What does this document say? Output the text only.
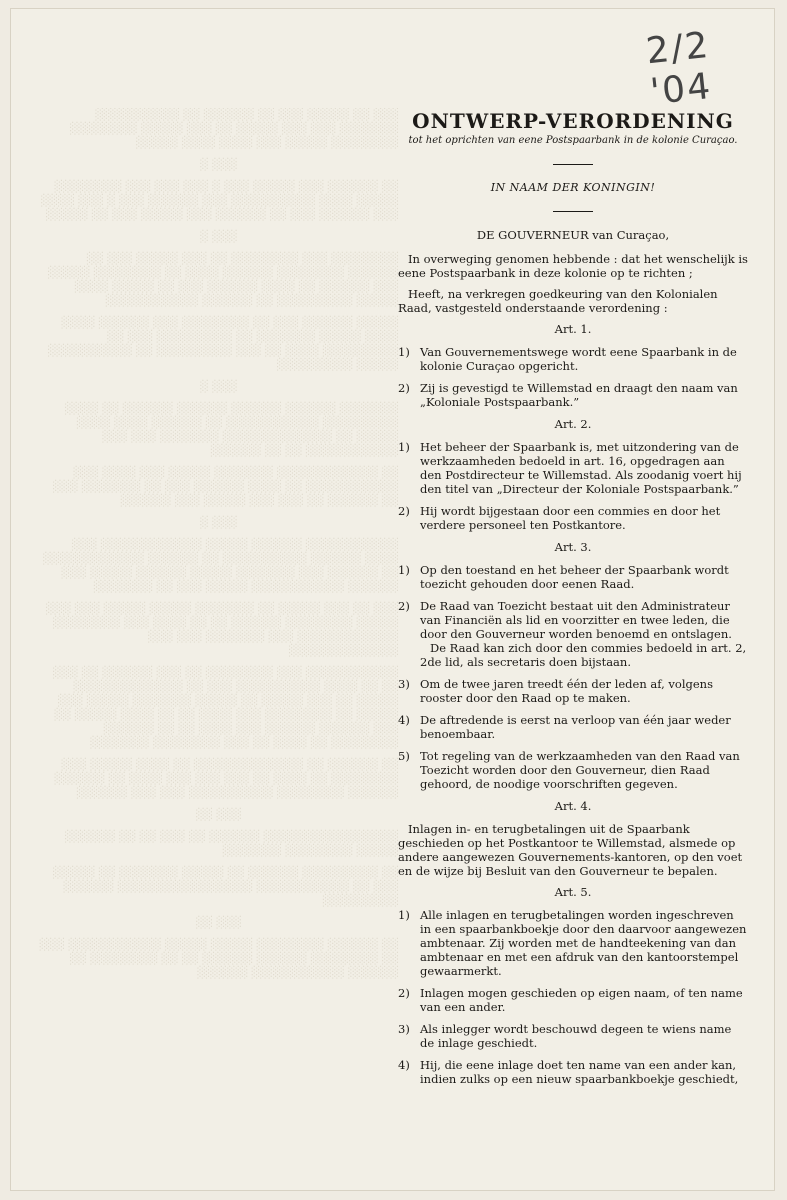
░░░ ░░ ░░░░░ ░░░ ░░ ░░░░░░ ░░ ░░░░░░░░░░ ░░░░░░░ ░░░ ░░░ ░░░░░ ░░ ░░░ ░░░░░ ░░░░░░░░ ░░░░░░░░ ░░░░░ ░░░ ░░░░ ░░░░ ░░░░░

░░░ ░

░░ ░░░░░░ ░░░ ░░░░░ ░░░ ░ ░░░ ░░░ ░░░ ░░░░░░░░ ░░░░░ ░░░░ ░░░░░░░░░░ ░░░ ░░░░░░ ░░░ ░ ░░░ ░░░░ ░░░ ░░░░░░ ░░░ ░░ ░░░░░░ ░░░ ░░░░░ ░░░ ░░ ░░░░░

░░░ ░

░░░░░░░░ ░░░ ░░░░░░░░ ░░ ░░░ ░░░░░ ░░░ ░░ ░░░░░░ ░░░░░░░░ ░░░░░░ ░░░░ ░░ ░░░░░░░░ ░░░░░ ░░░ ░░░░░░ ░░ ░░░░ ░░░░░░ ░░░ ░░ ░░░░░ ░░░░ ░░░░░ ░░░░░░░░░ ░░ ░░░░░░ ░░░░░░░░░░░

░░░░░ ░░░░░░ ░░░ ░░ ░░░░░░░░ ░░░ ░░░░░░ ░░░░ ░░░░ ░░░░░ ░░░░░░░ ░░ ░░░░░░░░░ ░░░ ░░ ░░░░░░░░░ ░░░░ ░░ ░░░ ░░░░░░░░░ ░░ ░░░░░░░░░░ ░░░░░ ░░░░░░░░░

░░░ ░

░░░░░░░ ░░░░░░ ░░░░░░ ░░░░░░ ░░░░░░ ░░ ░░░░ ░░░░░░░░░ ░░░░░░░░░░░ ░░ ░░░░░░ ░░░░ ░░░░ ░░░░░ ░░ ░░░░░░░░░░░░░ ░░░░░░░ ░░░ ░░░ ░░░░░░░░░░░ ░░ ░░ ░░░░░░

░░ ░░░░░░░░░░░░ ░░░░░░░ ░░░░░ ░░░ ░░░░ ░░░ ░░░░░░░░░░░ ░░ ░░░░ ░░░░░░ ░░░ ░░ ░░░░░░░ ░░░ ░░ ░░░░░░ ░░ ░░░ ░░░ ░░░░░ ░░░ ░░░░░░

░░░ ░

░░░░░░░░░░░ ░░░░░░ ░░░░░ ░░░░░░░░░░░░ ░░░ ░░░░ ░░░░░░ ░░░░░░░░░░ ░░ ░░░░░░ ░░░░░░░░░░░░ ░░ ░░░░░░ ░░░ ░░░░░░░ ░░░░░ ░░░░░░ ░░░░░ ░░░ ░░░░░░ ░░░░░░░░░░░ ░░░░░ ░░░ ░░ ░░░░░░░

░░░ ░░ ░░░ ░░░░░ ░░ ░░░░░░░ ░░░░░ ░░░░░ ░░░ ░░░ ░░░░░ ░░░░░░░░ ░░░░░░ ░░ ░░ ░░░░ ░░░ ░░░░░░░░ ░░░░░░░░░░░░ ░░░ ░░░░░░░ ░░░ ░░░ ░░░░░░░░░░░░░

░░░░░░░░░░░ ░░░ ░░░░░░░░ ░░ ░░░ ░░░░░░ ░░ ░░░ ░░ ░░ ░░░░ ░░░░░░░░░░ ░░░ ░░ ░░░░░░░░░░░░░ ░░░░░ ░░ ░░░ ░░░░░ ░░ ░░░░░ ░░░░░░░ ░░░░░ ░░░ ░░░░░ ░░ ░░░░░░░░ ░░░ ░░░░ ░░ ░░ ░░░░ ░░░░░ ░░ ░░░ ░░░░░░ ░░░░░░ ░░░ ░░░░ ░░ ░░ ░░░░░░ ░░░░░░░░ ░░ ░░░░ ░░ ░░░ ░░░░░░░░ ░░░░░░░

░░ ░░░░░░ ░░ ░░░░░░░░░░░░░ ░░ ░░░░ ░░░░░ ░░░ ░░░░░░░░ ░░ ░░░░ ░░ ░░░ ░░░ ░░░ ░░░░ ░░ ░░░░░░ ░░░░░░ ░░░░░░░░ ░░░░░░░░░░ ░░░ ░░░ ░░░░░░

░░░ ░░

░░░░░░░░░░░░░░░░ ░░░░░░ ░░ ░░░ ░░ ░░ ░░░░░░ ░░░░░ ░░░░░░░░ ░░░░░░░

░░ ░░░░░░░░░ ░░░░░░ ░░ ░░░░░ ░░░░░░░ ░░ ░░░░░ ░░░ ░░ ░░░░░░░░░░░ ░░░░░░░░░░░░░░░░ ░░░░░░ ░░░░░░░░░

░░░ ░░

░░ ░░░░░░ ░░░░░░░░ ░░░░░ ░░░░░ ░░░░░░░░░░░ ░░░ ░░ ░░░░░░░░ ░░░░░░ ░░░░░░ ░░ ░░ ░░░░░░░░ ░░ ░░░░░░ ░░░░░░░░░░░ ░░░░░░

2/2 '04
ONTWERP-VERORDENING

tot het oprichten van eene Postspaarbank in de kolonie Curaçao.

IN NAAM DER KONINGIN!

DE GOUVERNEUR van Curaçao,

In overweging genomen hebbende : dat het wenschelijk is eene Postspaarbank in deze kolonie op te richten ;

Heeft, na verkregen goedkeuring van den Kolonialen Raad, vastgesteld onderstaande verordening :

Art. 1.
1) Van Gouvernementswege wordt eene Spaarbank in de kolonie Curaçao opgericht.

2) Zij is gevestigd te Willemstad en draagt den naam van „Koloniale Postspaarbank.”

Art. 2.
1) Het beheer der Spaarbank is, met uitzondering van de werkzaamheden bedoeld in art. 16, opgedragen aan den Postdirecteur te Willemstad. Als zoodanig voert hij den titel van „Directeur der Koloniale Postspaarbank.”

2) Hij wordt bijgestaan door een commies en door het verdere personeel ten Postkantore.

Art. 3.
1) Op den toestand en het beheer der Spaarbank wordt toezicht gehouden door eenen Raad.

2) De Raad van Toezicht bestaat uit den Administrateur van Financiën als lid en voorzitter en twee leden, die door den Gouverneur worden benoemd en ontslagen.

De Raad kan zich door den commies bedoeld in art. 2, 2de lid, als secretaris doen bijstaan.

3) Om de twee jaren treedt één der leden af, volgens rooster door den Raad op te maken.

4) De aftredende is eerst na verloop van één jaar weder benoembaar.

5) Tot regeling van de werkzaamheden van den Raad van Toezicht worden door den Gouverneur, dien Raad gehoord, de noodige voorschriften gegeven.

Art. 4.

Inlagen in- en terugbetalingen uit de Spaarbank geschieden op het Postkantoor te Willemstad, alsmede op andere aangewezen Gouvernements-kantoren, op den voet en de wijze bij Besluit van den Gouverneur te bepalen.

Art. 5.
1) Alle inlagen en terugbetalingen worden ingeschreven in een spaarbankboekje door den daarvoor aangewezen ambtenaar. Zij worden met de handteekening van dan ambtenaar en met een afdruk van den kantoorstempel gewaarmerkt.

2) Inlagen mogen geschieden op eigen naam, of ten name van een ander.

3) Als inlegger wordt beschouwd degeen te wiens name de inlage geschiedt.

4) Hij, die eene inlage doet ten name van een ander kan, indien zulks op een nieuw spaarbankboekje geschiedt,
